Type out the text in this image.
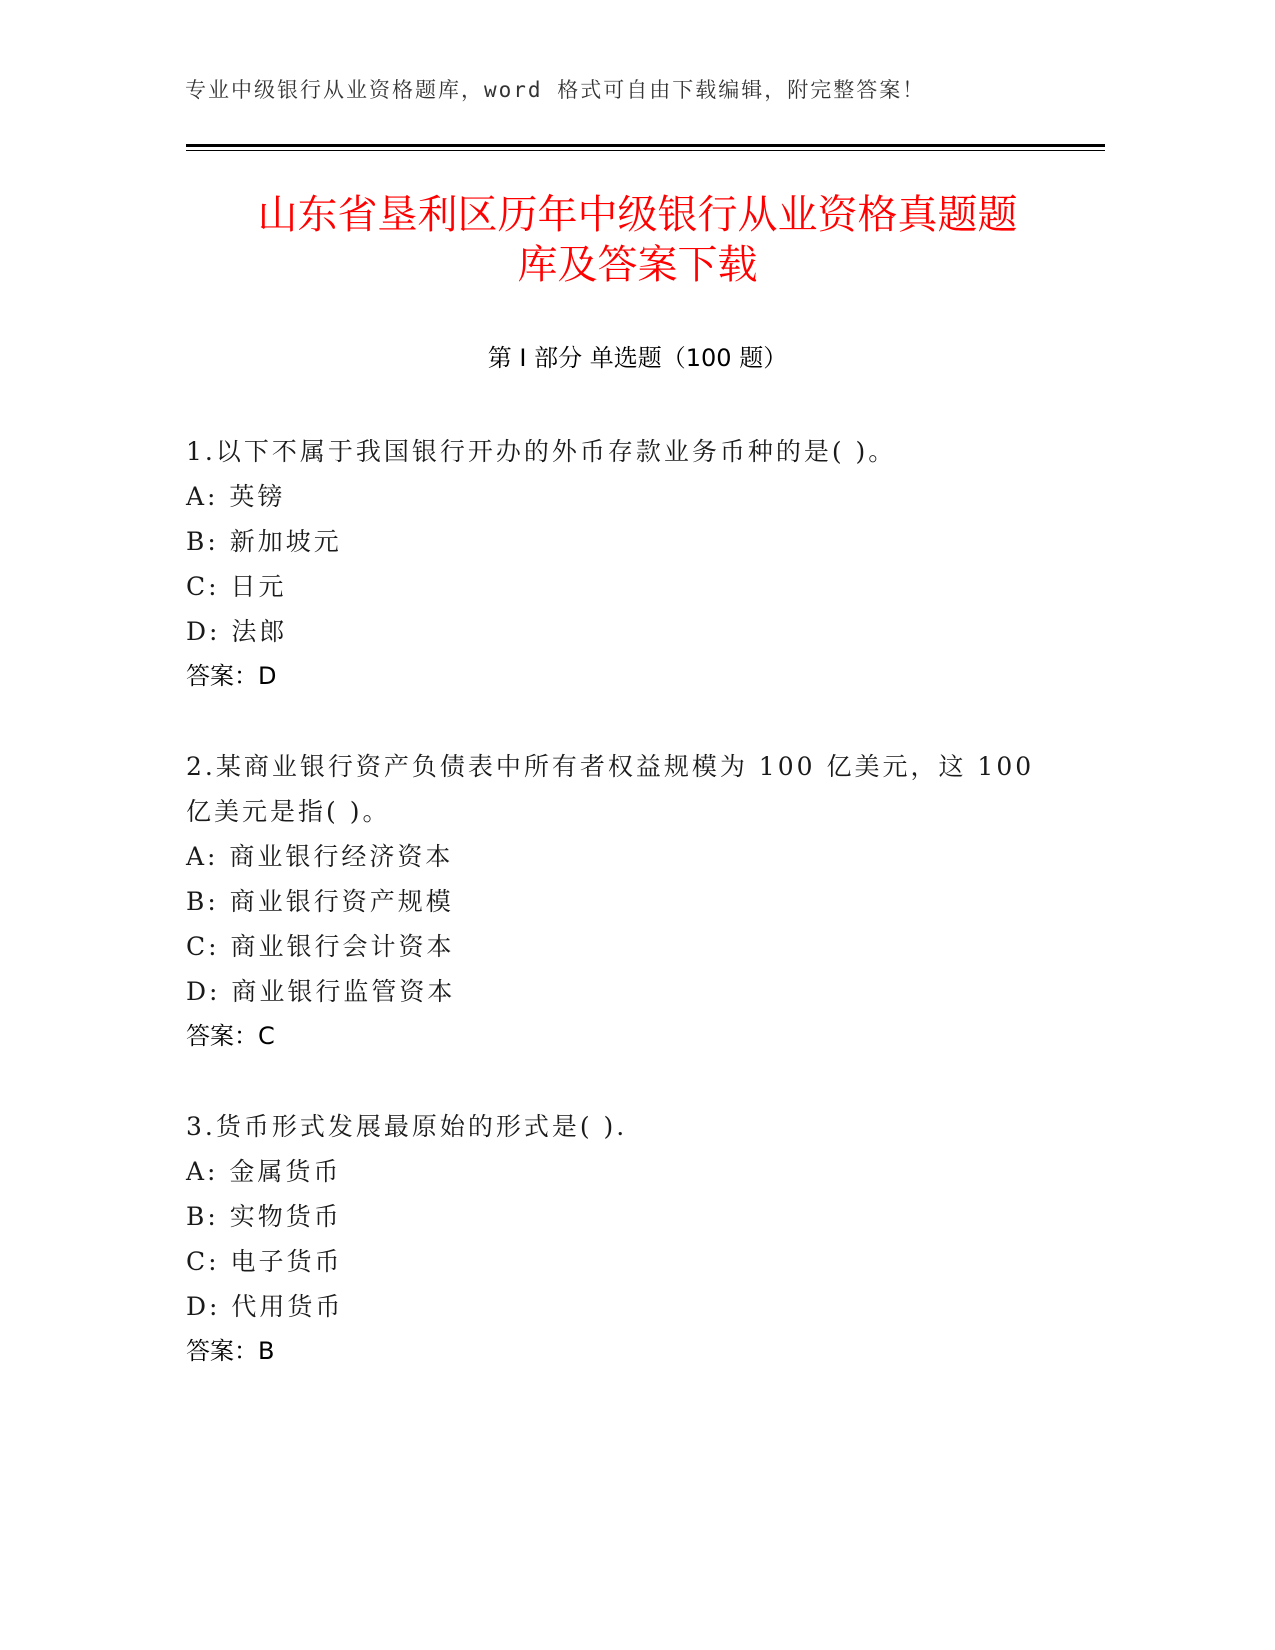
专业中级银行从业资格题库，word 格式可自由下载编辑，附完整答案！
山东省垦利区历年中级银行从业资格真题题
库及答案下载
第 I 部分 单选题（100 题）

1.以下不属于我国银行开办的外币存款业务币种的是( )。

A: 英镑

B: 新加坡元

C: 日元

D: 法郎

答案：D

2.某商业银行资产负债表中所有者权益规模为 100 亿美元，这 100 亿美元是指( )。

A: 商业银行经济资本

B: 商业银行资产规模

C: 商业银行会计资本

D: 商业银行监管资本

答案：C

3.货币形式发展最原始的形式是( ).

A: 金属货币

B: 实物货币

C: 电子货币

D: 代用货币

答案：B
